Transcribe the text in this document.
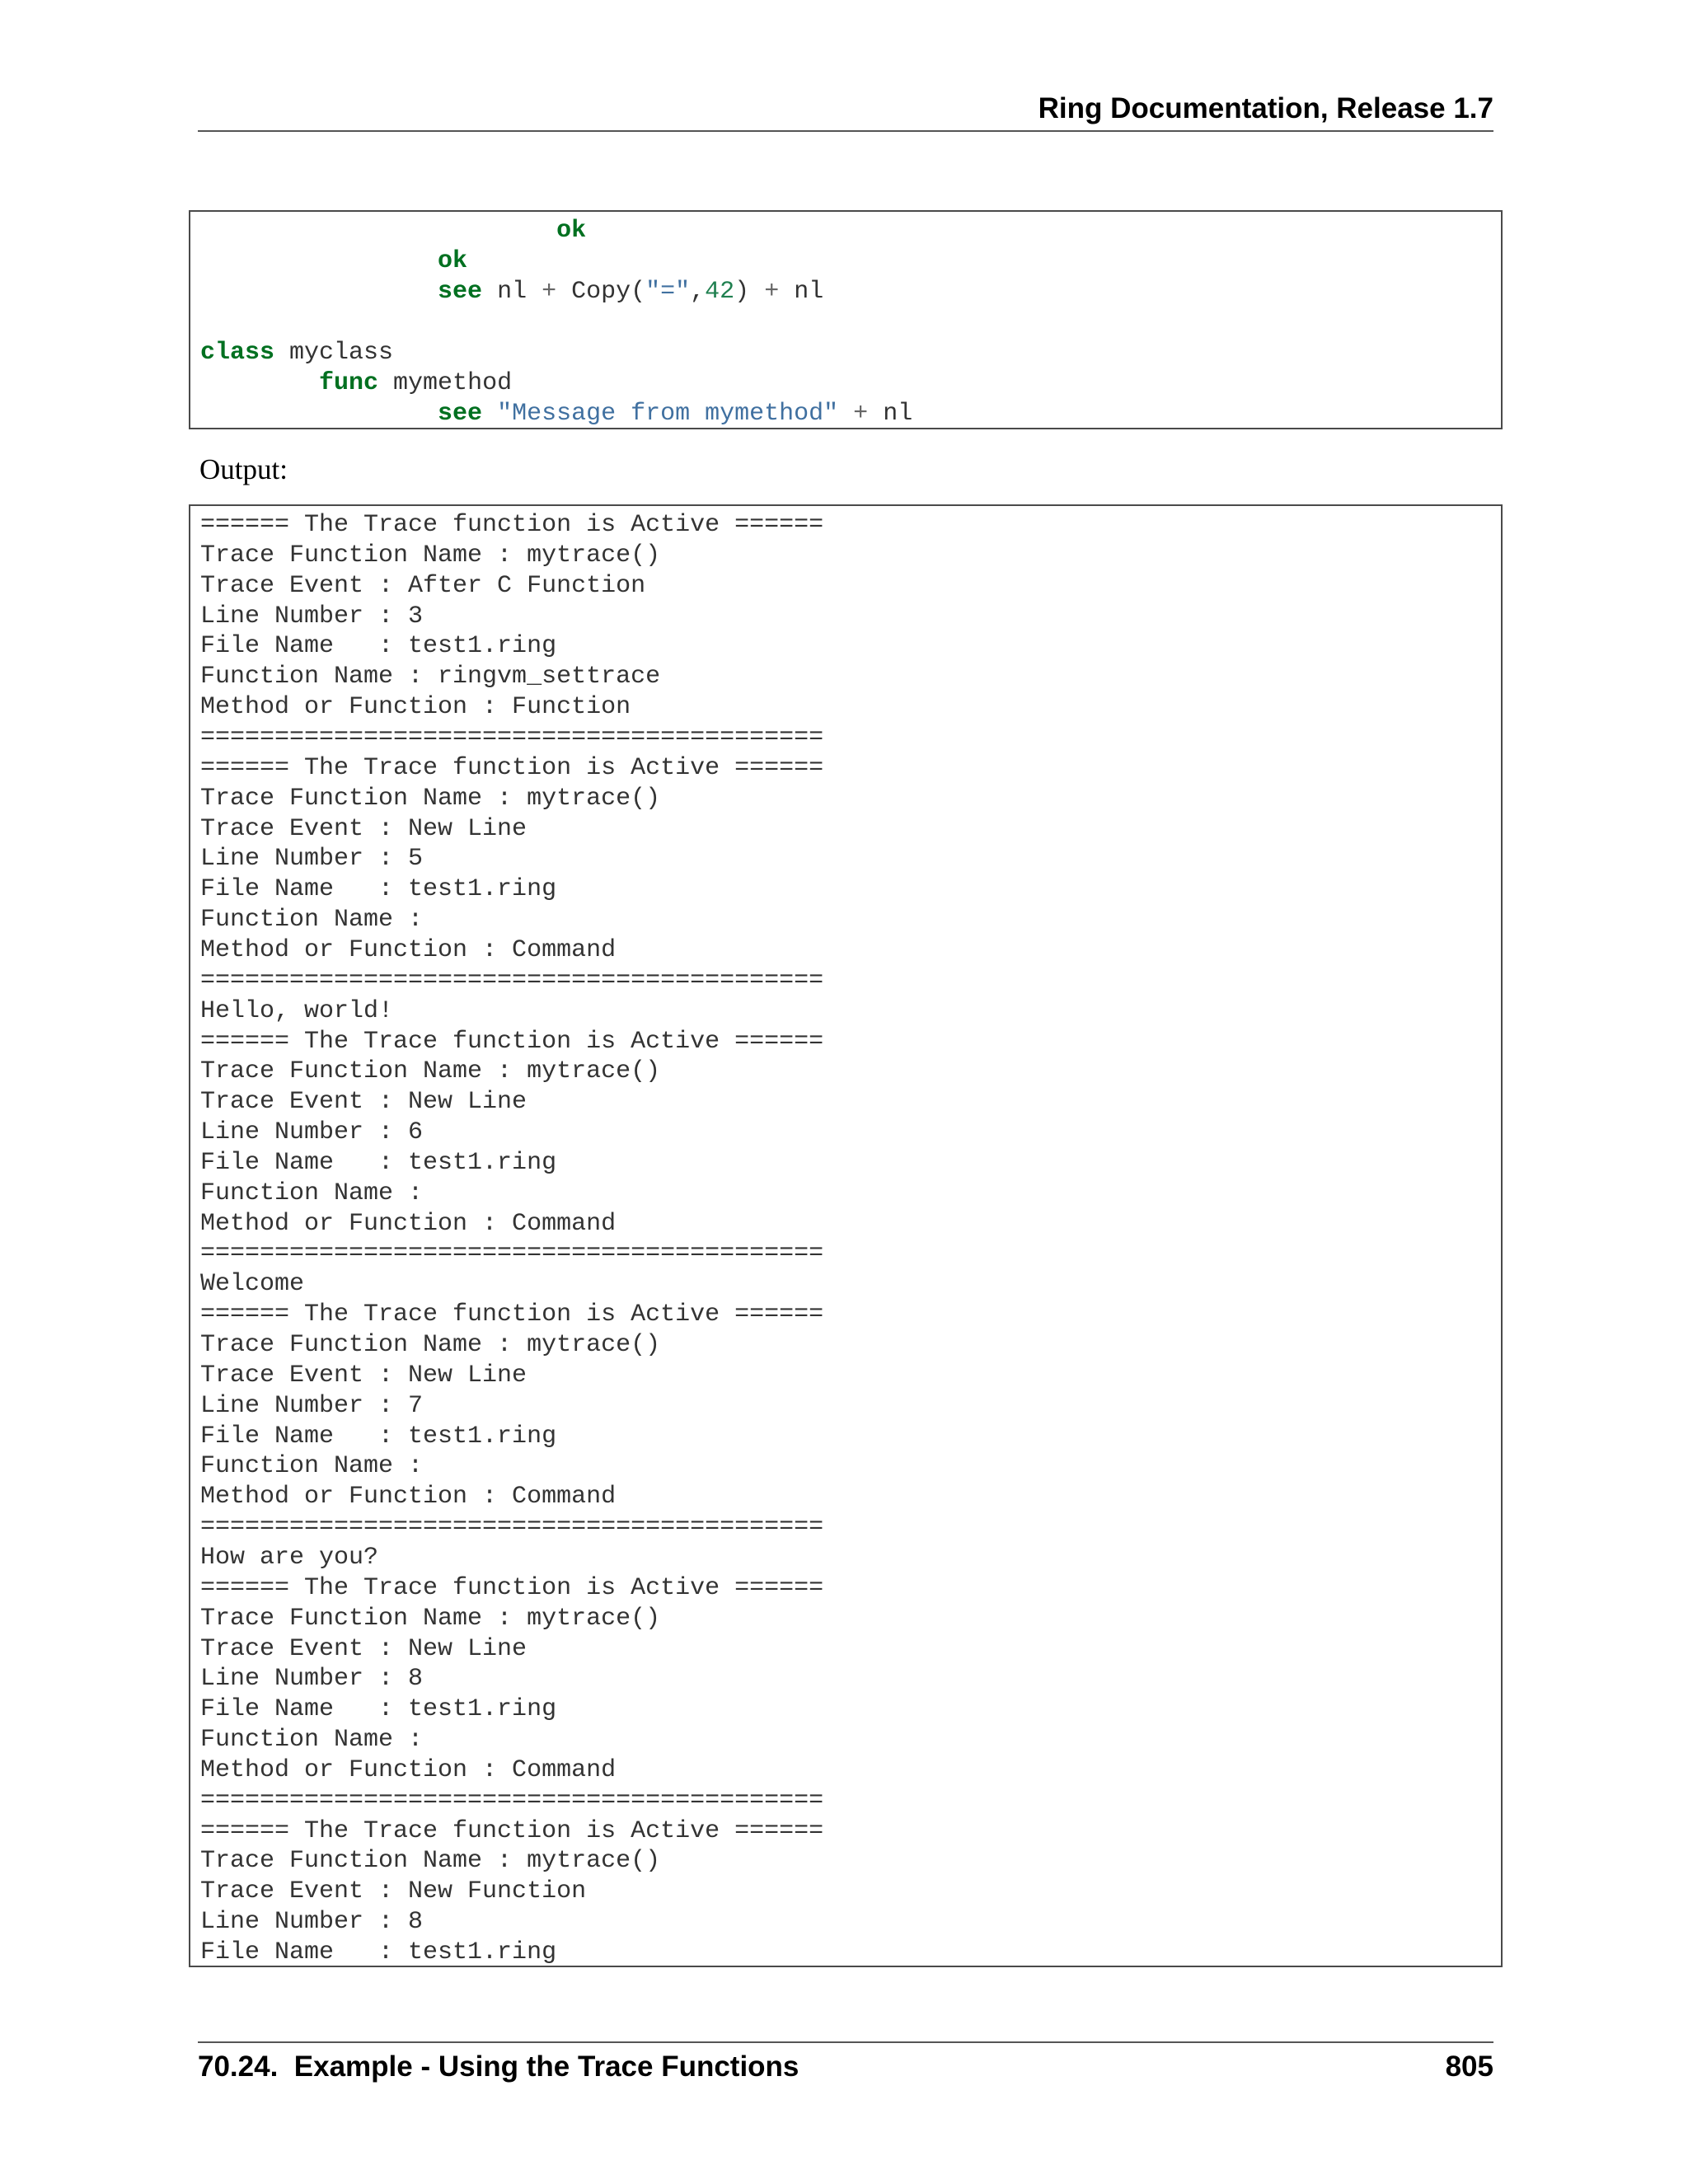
Ring Documentation, Release 1.7
ok
ok
see nl + Copy("=",42) + nl
class myclass
func mymethod
see "Message from mymethod" + nl
Output:
====== The Trace function is Active ======
Trace Function Name : mytrace()
Trace Event : After C Function
Line Number : 3
File Name   : test1.ring
Function Name : ringvm_settrace
Method or Function : Function
==========================================
====== The Trace function is Active ======
Trace Function Name : mytrace()
Trace Event : New Line
Line Number : 5
File Name   : test1.ring
Function Name :
Method or Function : Command
==========================================
Hello, world!
====== The Trace function is Active ======
Trace Function Name : mytrace()
Trace Event : New Line
Line Number : 6
File Name   : test1.ring
Function Name :
Method or Function : Command
==========================================
Welcome
====== The Trace function is Active ======
Trace Function Name : mytrace()
Trace Event : New Line
Line Number : 7
File Name   : test1.ring
Function Name :
Method or Function : Command
==========================================
How are you?
====== The Trace function is Active ======
Trace Function Name : mytrace()
Trace Event : New Line
Line Number : 8
File Name   : test1.ring
Function Name :
Method or Function : Command
==========================================
====== The Trace function is Active ======
Trace Function Name : mytrace()
Trace Event : New Function
Line Number : 8
File Name   : test1.ring
70.24.  Example - Using the Trace Functions	805
